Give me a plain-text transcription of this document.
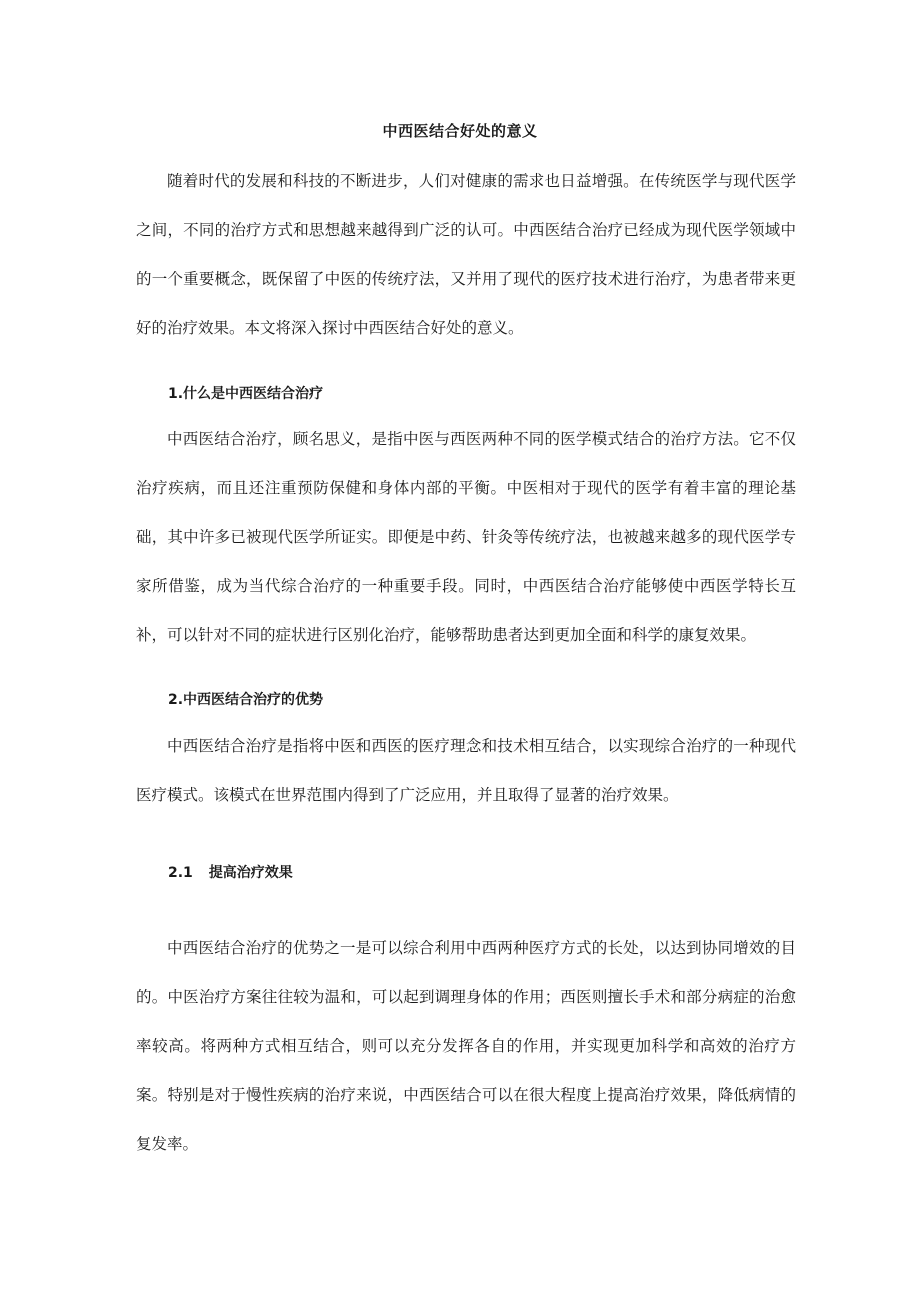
中西医结合好处的意义

随着时代的发展和科技的不断进步，人们对健康的需求也日益增强。在传统医学与现代医学之间，不同的治疗方式和思想越来越得到广泛的认可。中西医结合治疗已经成为现代医学领域中的一个重要概念，既保留了中医的传统疗法，又并用了现代的医疗技术进行治疗，为患者带来更好的治疗效果。本文将深入探讨中西医结合好处的意义。

1.什么是中西医结合治疗

中西医结合治疗，顾名思义，是指中医与西医两种不同的医学模式结合的治疗方法。它不仅治疗疾病，而且还注重预防保健和身体内部的平衡。中医相对于现代的医学有着丰富的理论基础，其中许多已被现代医学所证实。即便是中药、针灸等传统疗法，也被越来越多的现代医学专家所借鉴，成为当代综合治疗的一种重要手段。同时，中西医结合治疗能够使中西医学特长互补，可以针对不同的症状进行区别化治疗，能够帮助患者达到更加全面和科学的康复效果。

2.中西医结合治疗的优势

中西医结合治疗是指将中医和西医的医疗理念和技术相互结合，以实现综合治疗的一种现代医疗模式。该模式在世界范围内得到了广泛应用，并且取得了显著的治疗效果。

2.1 提高治疗效果

中西医结合治疗的优势之一是可以综合利用中西两种医疗方式的长处，以达到协同增效的目的。中医治疗方案往往较为温和，可以起到调理身体的作用；西医则擅长手术和部分病症的治愈率较高。将两种方式相互结合，则可以充分发挥各自的作用，并实现更加科学和高效的治疗方案。特别是对于慢性疾病的治疗来说，中西医结合可以在很大程度上提高治疗效果，降低病情的复发率。
